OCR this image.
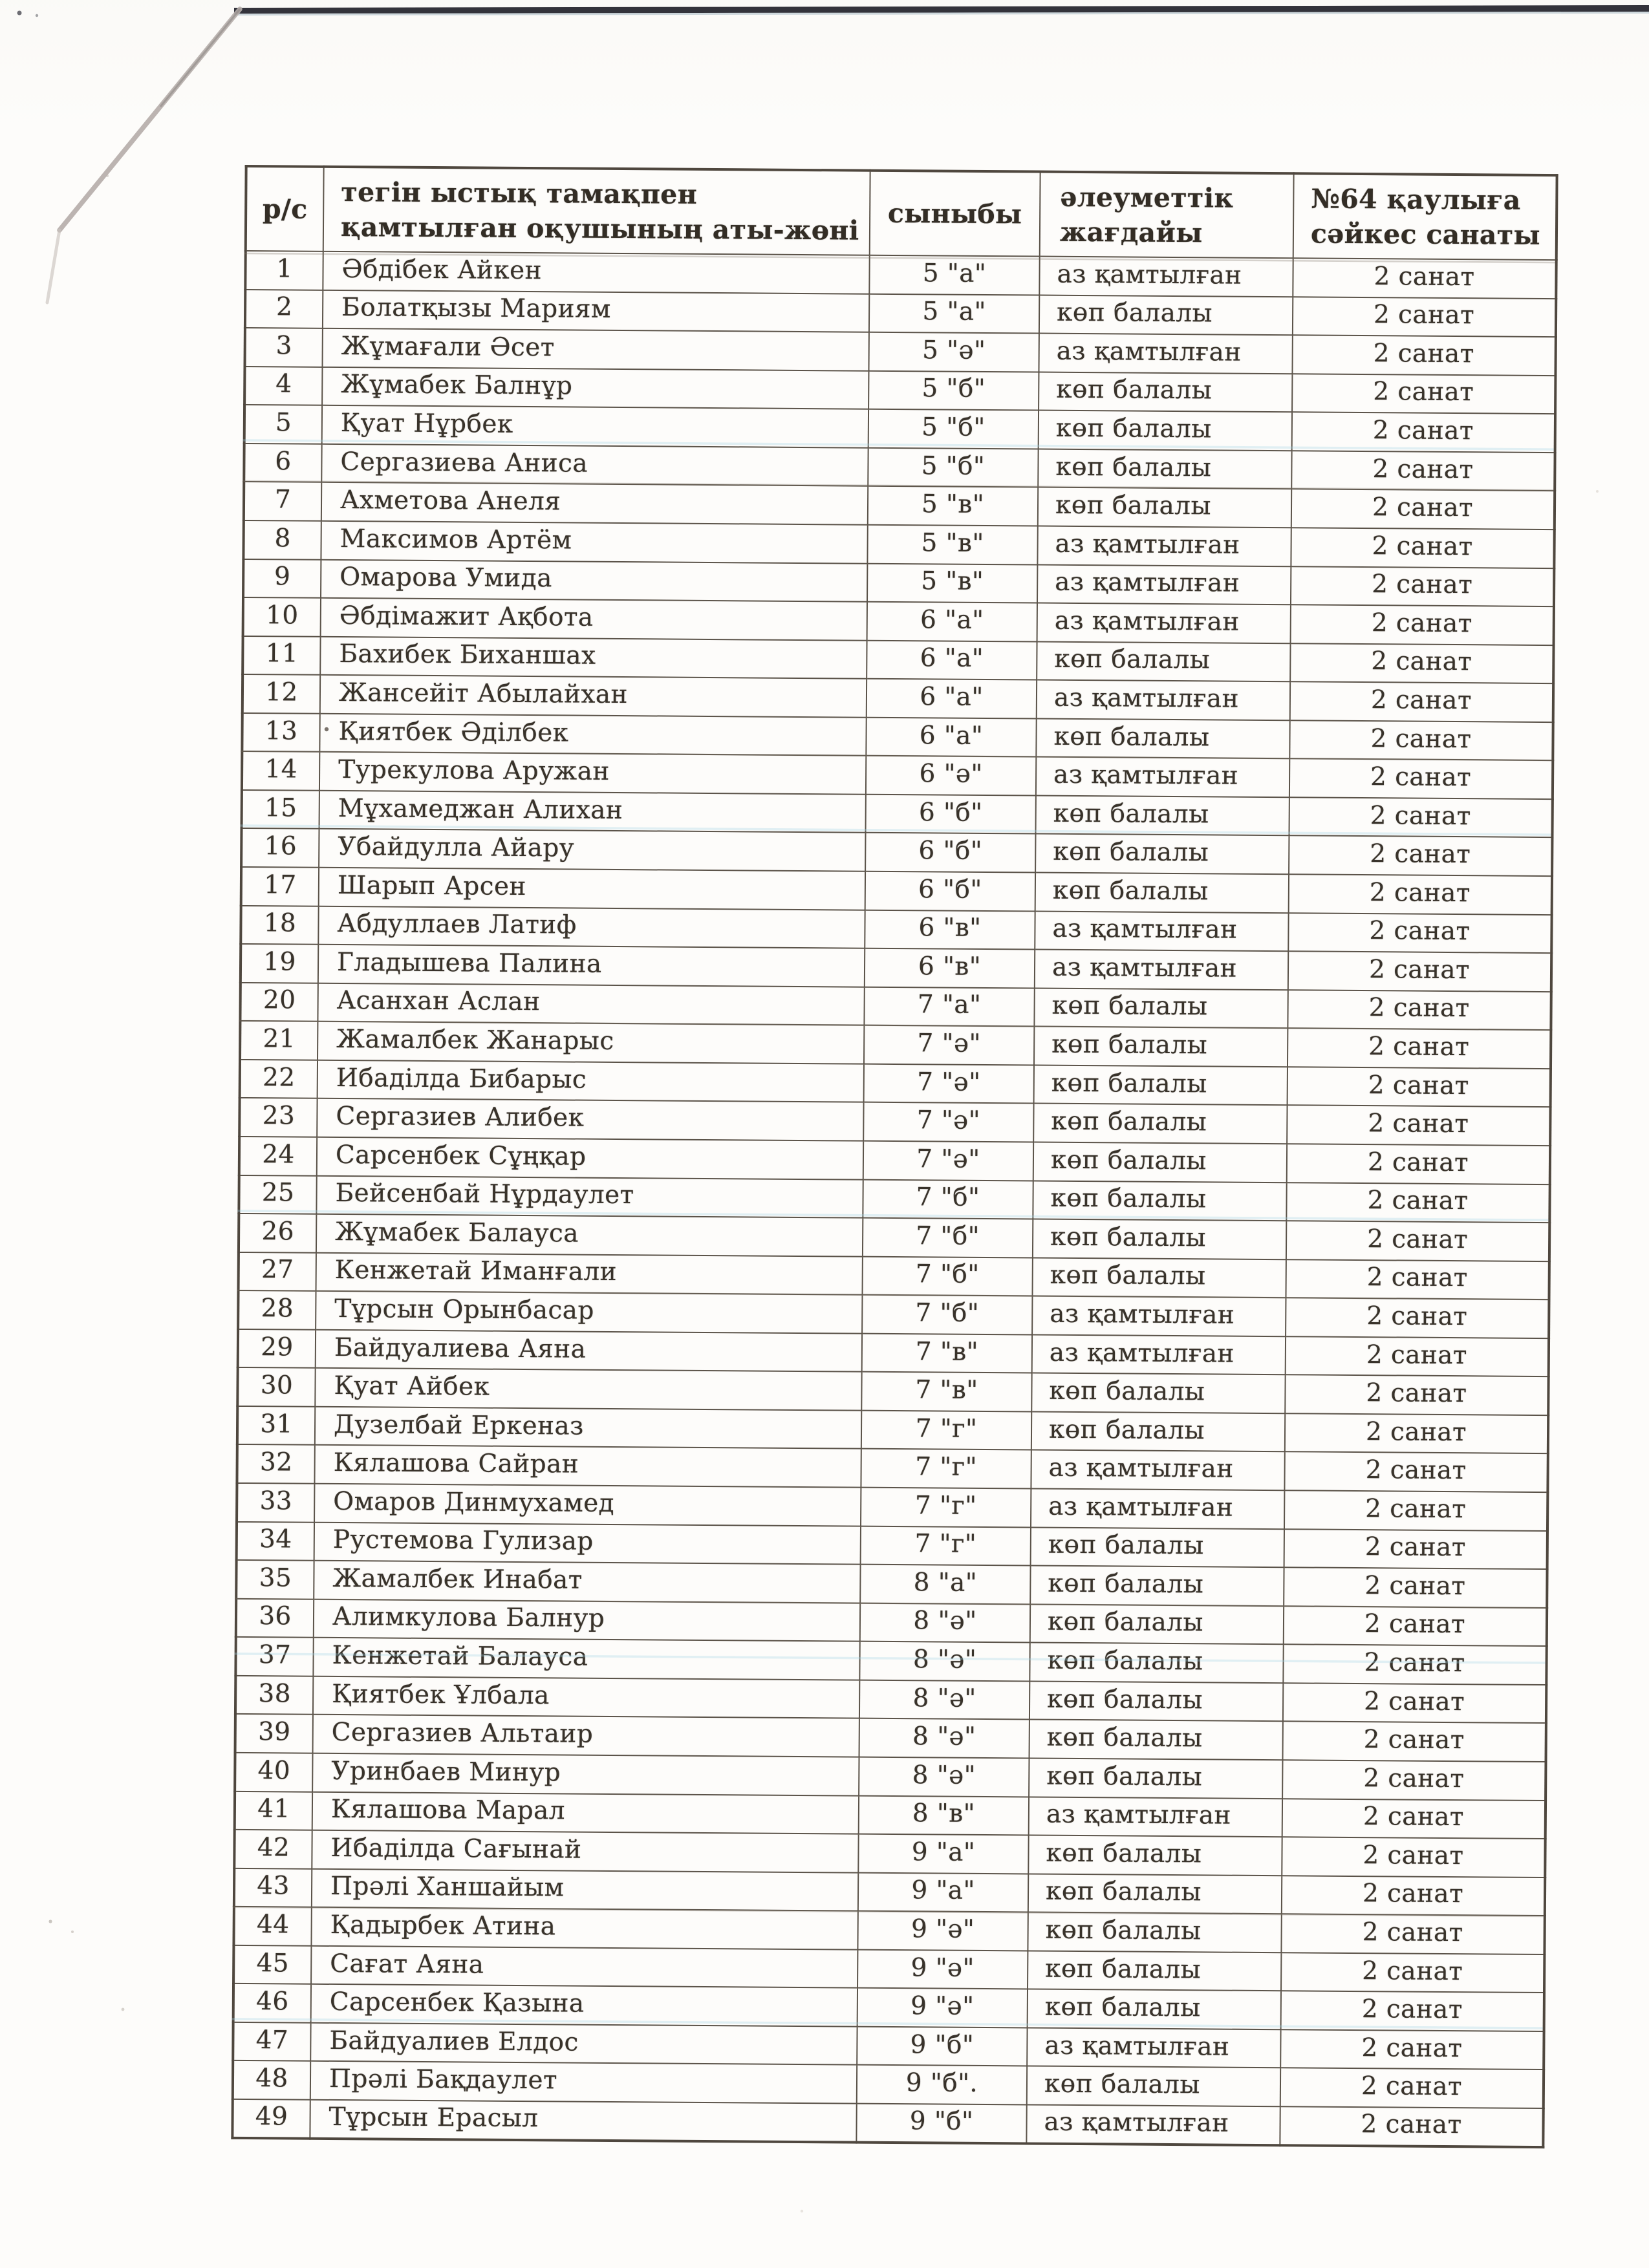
р/с	тегін ыстық тамақпен қамтылған оқушының аты-жөні	сыныбы	әлеуметтік жағдайы	№64 қаулыға сәйкес санаты
1	Әбдібек Айкен	5 "а"	аз қамтылған	2 санат
2	Болатқызы Мариям	5 "а"	көп балалы	2 санат
3	Жұмағали Әсет	5 "ә"	аз қамтылған	2 санат
4	Жұмабек Балнұр	5 "б"	көп балалы	2 санат
5	Қуат Нұрбек	5 "б"	көп балалы	2 санат
6	Сергазиева Аниса	5 "б"	көп балалы	2 санат
7	Ахметова Анеля	5 "в"	көп балалы	2 санат
8	Максимов Артём	5 "в"	аз қамтылған	2 санат
9	Омарова Умида	5 "в"	аз қамтылған	2 санат
10	Әбдімажит Ақбота	6 "а"	аз қамтылған	2 санат
11	Бахибек Биханшах	6 "а"	көп балалы	2 санат
12	Жансейіт Абылайхан	6 "а"	аз қамтылған	2 санат
13	Қиятбек Әділбек	6 "а"	көп балалы	2 санат
14	Турекулова Аружан	6 "ә"	аз қамтылған	2 санат
15	Мұхамеджан Алихан	6 "б"	көп балалы	2 санат
16	Убайдулла Айару	6 "б"	көп балалы	2 санат
17	Шарып Арсен	6 "б"	көп балалы	2 санат
18	Абдуллаев Латиф	6 "в"	аз қамтылған	2 санат
19	Гладышева Палина	6 "в"	аз қамтылған	2 санат
20	Асанхан Аслан	7 "а"	көп балалы	2 санат
21	Жамалбек Жанарыс	7 "ә"	көп балалы	2 санат
22	Ибаділда Бибарыс	7 "ә"	көп балалы	2 санат
23	Сергазиев Алибек	7 "ә"	көп балалы	2 санат
24	Сарсенбек Сұңқар	7 "ә"	көп балалы	2 санат
25	Бейсенбай Нұрдаулет	7 "б"	көп балалы	2 санат
26	Жұмабек Балауса	7 "б"	көп балалы	2 санат
27	Кенжетай Иманғали	7 "б"	көп балалы	2 санат
28	Тұрсын Орынбасар	7 "б"	аз қамтылған	2 санат
29	Байдуалиева Аяна	7 "в"	аз қамтылған	2 санат
30	Қуат Айбек	7 "в"	көп балалы	2 санат
31	Дузелбай Еркеназ	7 "г"	көп балалы	2 санат
32	Кялашова Сайран	7 "г"	аз қамтылған	2 санат
33	Омаров Динмухамед	7 "г"	аз қамтылған	2 санат
34	Рустемова Гулизар	7 "г"	көп балалы	2 санат
35	Жамалбек Инабат	8 "а"	көп балалы	2 санат
36	Алимкулова Балнур	8 "ә"	көп балалы	2 санат
37	Кенжетай Балауса	8 "ә"	көп балалы	2 санат
38	Қиятбек Ұлбала	8 "ә"	көп балалы	2 санат
39	Сергазиев Альтаир	8 "ә"	көп балалы	2 санат
40	Уринбаев Минур	8 "ә"	көп балалы	2 санат
41	Кялашова Марал	8 "в"	аз қамтылған	2 санат
42	Ибаділда Сағынай	9 "а"	көп балалы	2 санат
43	Прәлі Ханшайым	9 "а"	көп балалы	2 санат
44	Қадырбек Атина	9 "ә"	көп балалы	2 санат
45	Сағат Аяна	9 "ә"	көп балалы	2 санат
46	Сарсенбек Қазына	9 "ә"	көп балалы	2 санат
47	Байдуалиев Елдос	9 "б"	аз қамтылған	2 санат
48	Прәлі Бақдаулет	9 "б".	көп балалы	2 санат
49	Тұрсын Ерасыл	9 "б"	аз қамтылған	2 санат
